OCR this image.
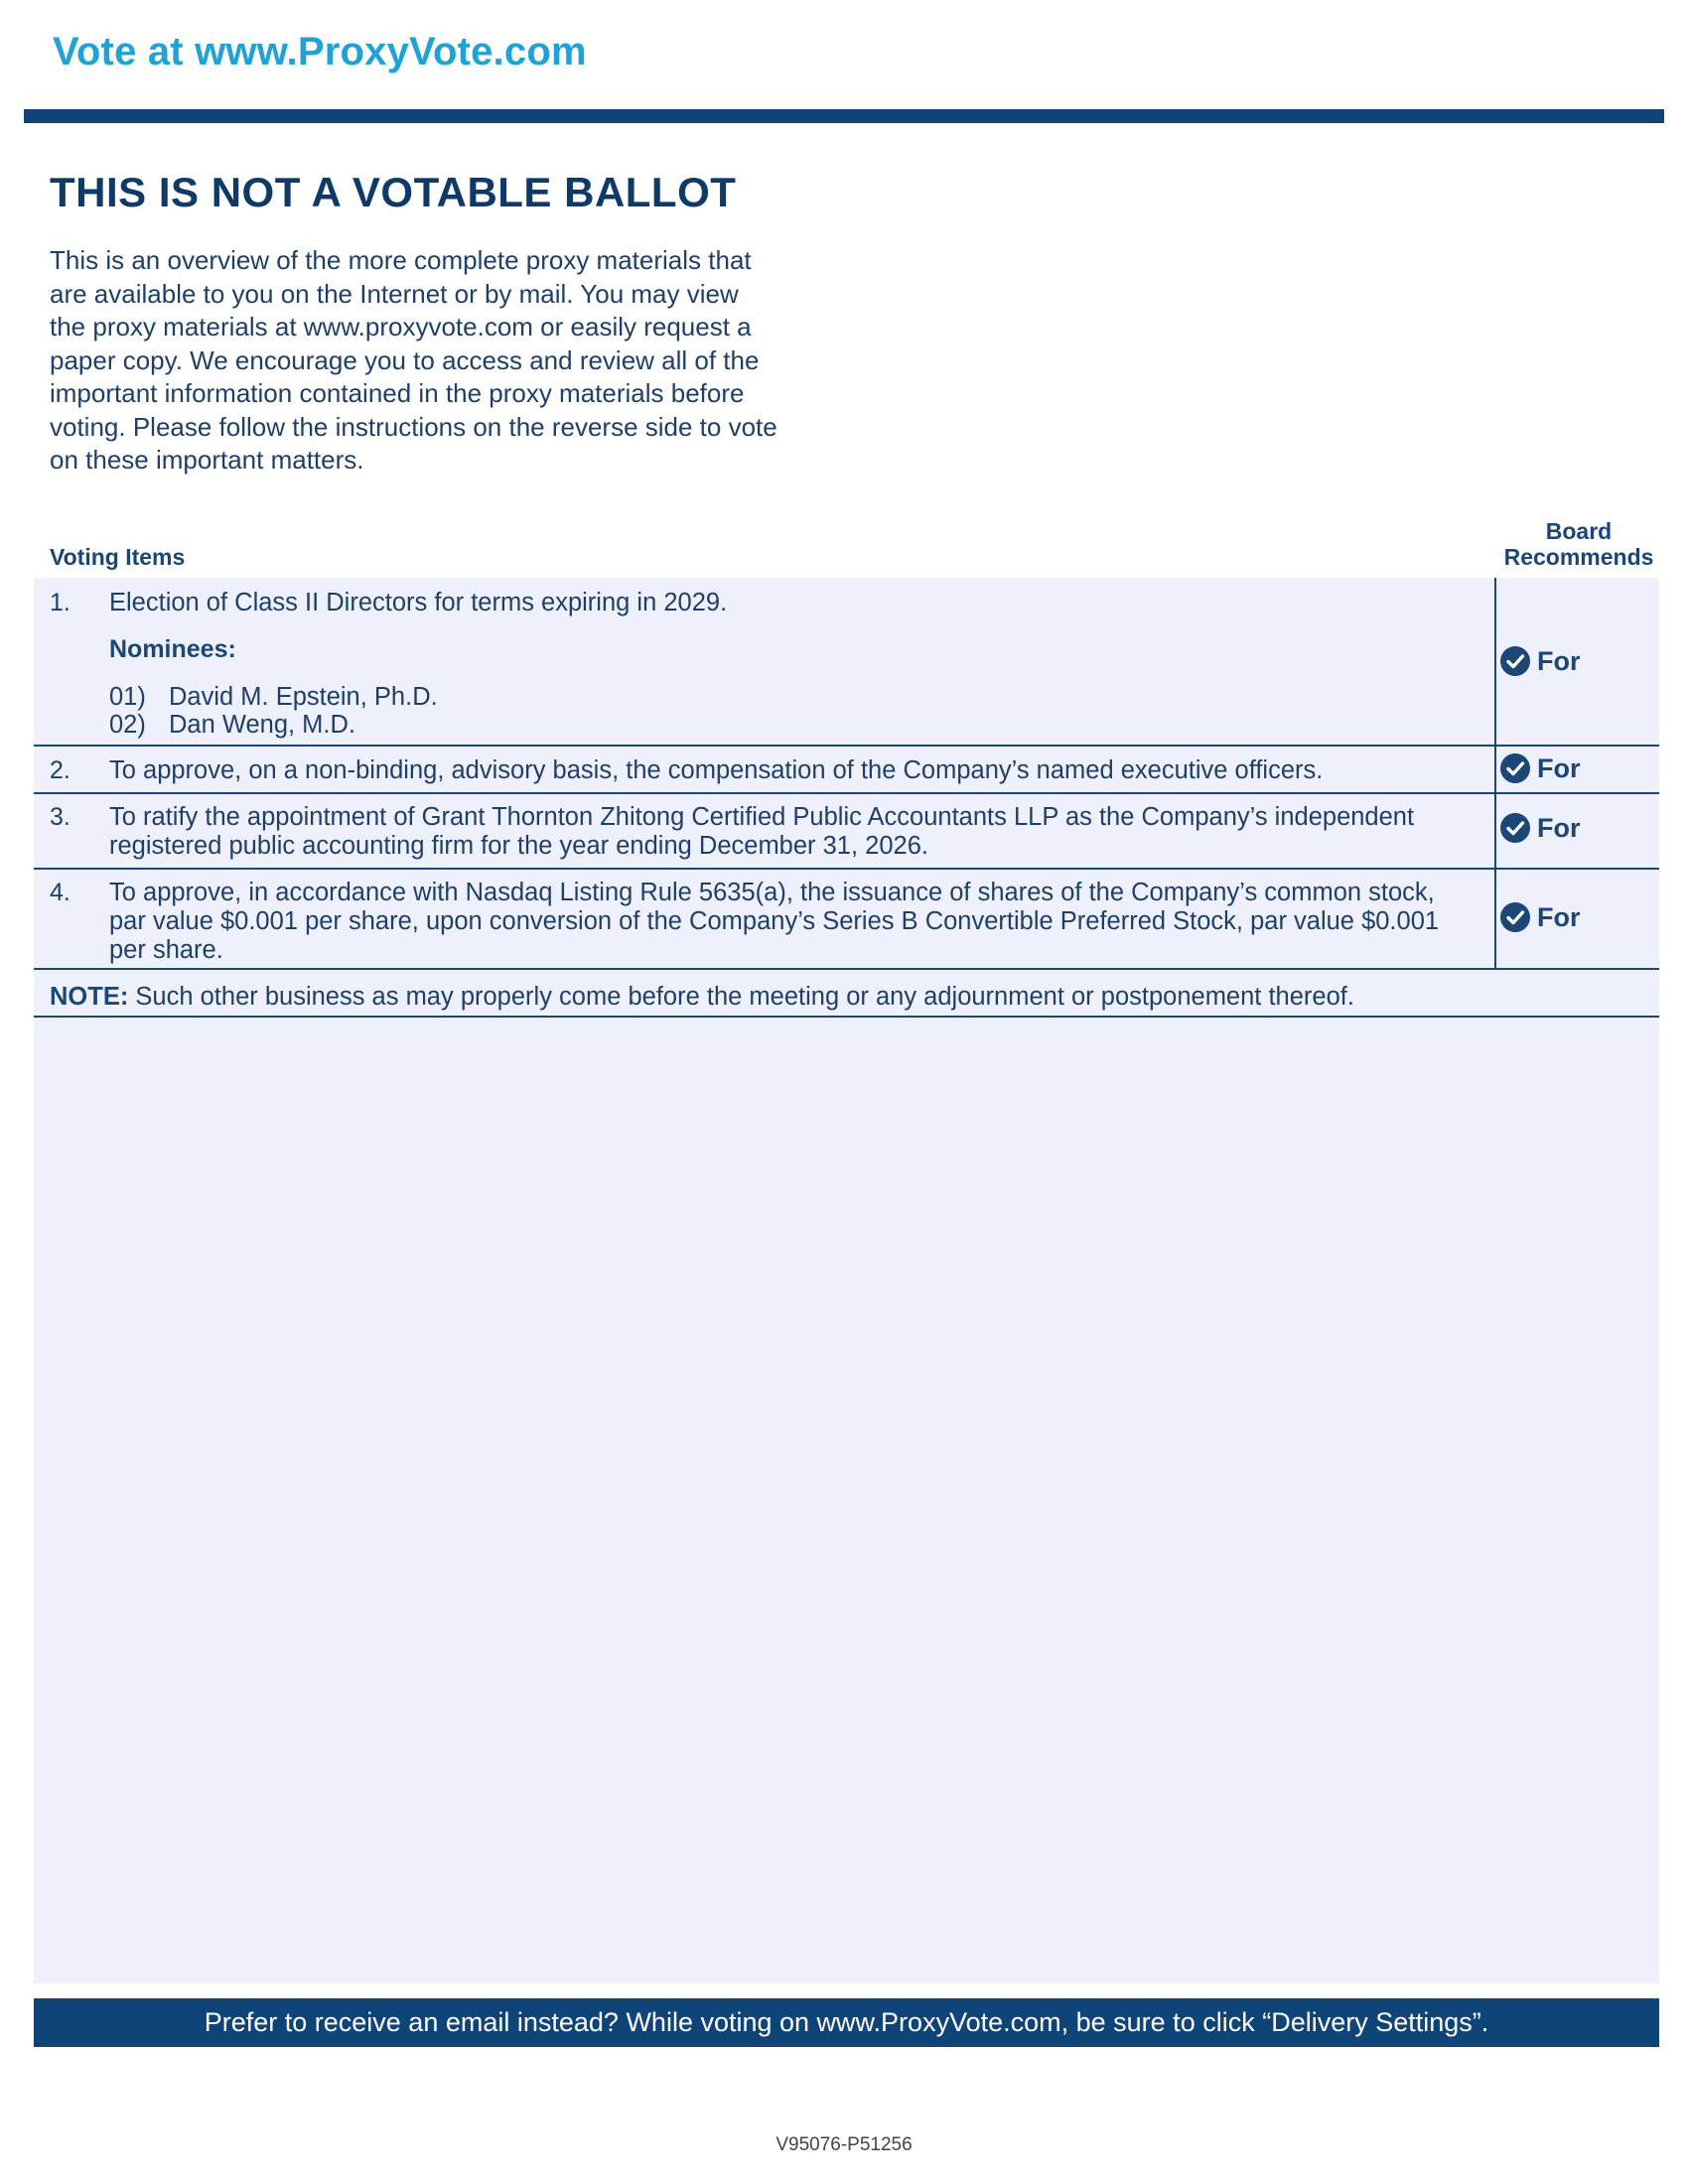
Vote at www.ProxyVote.com
THIS IS NOT A VOTABLE BALLOT
This is an overview of the more complete proxy materials that
are available to you on the Internet or by mail. You may view
the proxy materials at www.proxyvote.com or easily request a
paper copy. We encourage you to access and review all of the
important information contained in the proxy materials before
voting. Please follow the instructions on the reverse side to vote
on these important matters.
Board
Recommends
Voting Items
1. Election of Class II Directors for terms expiring in 2029.
Nominees:
01) David M. Epstein, Ph.D.
02) Dan Weng, M.D.
For
2. To approve, on a non-binding, advisory basis, the compensation of the Company’s named executive officers.	For
3. To ratify the appointment of Grant Thornton Zhitong Certified Public Accountants LLP as the Company’s independent
registered public accounting firm for the year ending December 31, 2026.
For
4. To approve, in accordance with Nasdaq Listing Rule 5635(a), the issuance of shares of the Company’s common stock,
par value $0.001 per share, upon conversion of the Company’s Series B Convertible Preferred Stock, par value $0.001
per share.
For
NOTE: Such other business as may properly come before the meeting or any adjournment or postponement thereof.
Prefer to receive an email instead? While voting on www.ProxyVote.com, be sure to click “Delivery Settings”.
V95076-P51256
